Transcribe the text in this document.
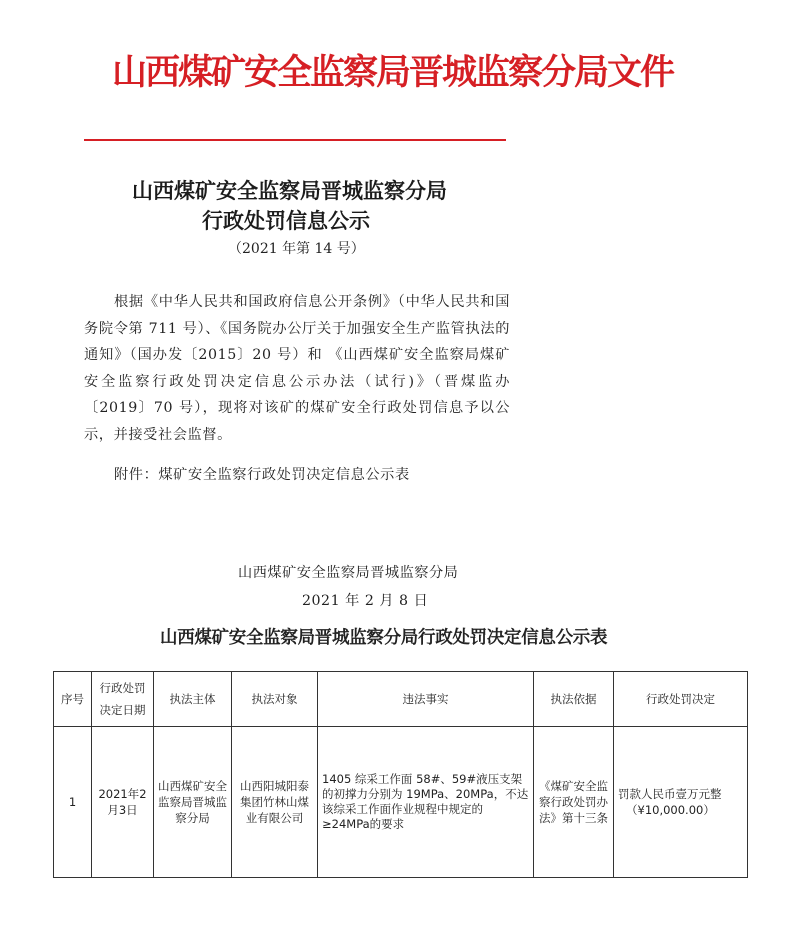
山西煤矿安全监察局晋城监察分局文件
山西煤矿安全监察局晋城监察分局
行政处罚信息公示
（2021 年第 14 号）
根据《中华人民共和国政府信息公开条例》（中华人民共和国务院令第 711 号）、《国务院办公厅关于加强安全生产监管执法的通知》（国办发〔2015〕20 号）和 《山西煤矿安全监察局煤矿安全监察行政处罚决定信息公示办法（试行)》（晋煤监办〔2019〕70 号），现将对该矿的煤矿安全行政处罚信息予以公示，并接受社会监督。
附件：煤矿安全监察行政处罚决定信息公示表
山西煤矿安全监察局晋城监察分局
2021 年 2 月 8 日
山西煤矿安全监察局晋城监察分局行政处罚决定信息公示表
序号	行政处罚决定日期	执法主体	执法对象	违法事实	执法依据	行政处罚决定
1	2021年2月3日	山西煤矿安全监察局晋城监察分局	山西阳城阳泰集团竹林山煤业有限公司	1405 综采工作面 58#、59#液压支架的初撑力分别为 19MPa、20MPa，不达该综采工作面作业规程中规定的≥24MPa的要求	《煤矿安全监察行政处罚办法》第十三条	罚款人民币壹万元整
（¥10,000.00）
